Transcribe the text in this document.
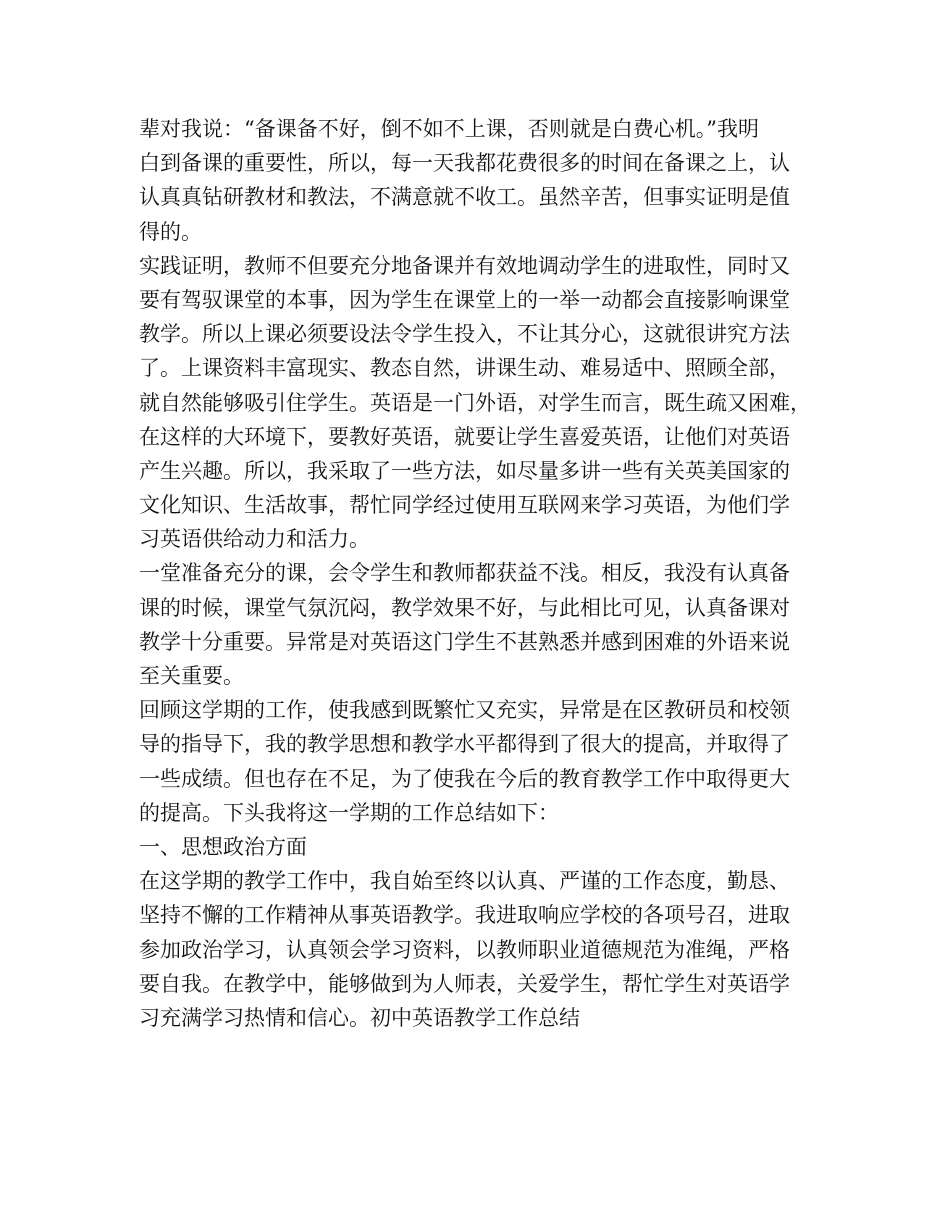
辈对我说：“备课备不好，倒不如不上课，否则就是白费心机。”我明
白到备课的重要性，所以，每一天我都花费很多的时间在备课之上，认
认真真钻研教材和教法，不满意就不收工。虽然辛苦，但事实证明是值
得的。
实践证明，教师不但要充分地备课并有效地调动学生的进取性，同时又
要有驾驭课堂的本事，因为学生在课堂上的一举一动都会直接影响课堂
教学。所以上课必须要设法令学生投入，不让其分心，这就很讲究方法
了。上课资料丰富现实、教态自然，讲课生动、难易适中、照顾全部，
就自然能够吸引住学生。英语是一门外语，对学生而言，既生疏又困难，
在这样的大环境下，要教好英语，就要让学生喜爱英语，让他们对英语
产生兴趣。所以，我采取了一些方法，如尽量多讲一些有关英美国家的
文化知识、生活故事，帮忙同学经过使用互联网来学习英语，为他们学
习英语供给动力和活力。
一堂准备充分的课，会令学生和教师都获益不浅。相反，我没有认真备
课的时候，课堂气氛沉闷，教学效果不好，与此相比可见，认真备课对
教学十分重要。异常是对英语这门学生不甚熟悉并感到困难的外语来说
至关重要。
回顾这学期的工作，使我感到既繁忙又充实，异常是在区教研员和校领
导的指导下，我的教学思想和教学水平都得到了很大的提高，并取得了
一些成绩。但也存在不足，为了使我在今后的教育教学工作中取得更大
的提高。下头我将这一学期的工作总结如下：
一、思想政治方面
在这学期的教学工作中，我自始至终以认真、严谨的工作态度，勤恳、
坚持不懈的工作精神从事英语教学。我进取响应学校的各项号召，进取
参加政治学习，认真领会学习资料，以教师职业道德规范为准绳，严格
要自我。在教学中，能够做到为人师表，关爱学生，帮忙学生对英语学
习充满学习热情和信心。初中英语教学工作总结
